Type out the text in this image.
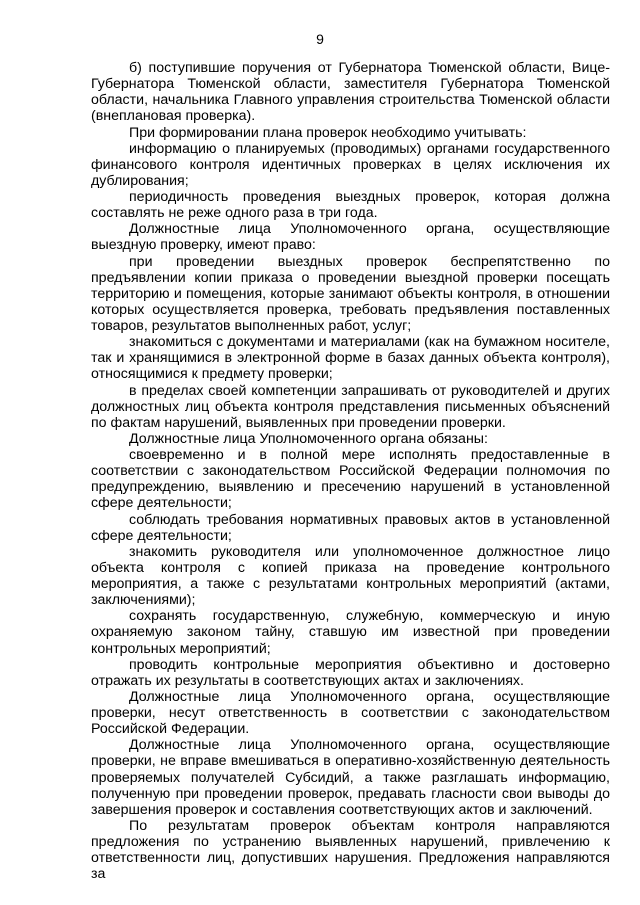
9

б) поступившие поручения от Губернатора Тюменской области, Вице-Губернатора Тюменской области, заместителя Губернатора Тюменской области, начальника Главного управления строительства Тюменской области (внеплановая проверка).

При формировании плана проверок необходимо учитывать:

информацию о планируемых (проводимых) органами государственного финансового контроля идентичных проверках в целях исключения их дублирования;

периодичность проведения выездных проверок, которая должна составлять не реже одного раза в три года.

Должностные лица Уполномоченного органа, осуществляющие выездную проверку, имеют право:

при проведении выездных проверок беспрепятственно по предъявлении копии приказа о проведении выездной проверки посещать территорию и помещения, которые занимают объекты контроля, в отношении которых осуществляется проверка, требовать предъявления поставленных товаров, результатов выполненных работ, услуг;

знакомиться с документами и материалами (как на бумажном носителе, так и хранящимися в электронной форме в базах данных объекта контроля), относящимися к предмету проверки;

в пределах своей компетенции запрашивать от руководителей и других должностных лиц объекта контроля представления письменных объяснений по фактам нарушений, выявленных при проведении проверки.

Должностные лица Уполномоченного органа обязаны:

своевременно и в полной мере исполнять предоставленные в соответствии с законодательством Российской Федерации полномочия по предупреждению, выявлению и пресечению нарушений в установленной сфере деятельности;

соблюдать требования нормативных правовых актов в установленной сфере деятельности;

знакомить руководителя или уполномоченное должностное лицо объекта контроля с копией приказа на проведение контрольного мероприятия, а также с результатами контрольных мероприятий (актами, заключениями);

сохранять государственную, служебную, коммерческую и иную охраняемую законом тайну, ставшую им известной при проведении контрольных мероприятий;

проводить контрольные мероприятия объективно и достоверно отражать их результаты в соответствующих актах и заключениях.

Должностные лица Уполномоченного органа, осуществляющие проверки, несут ответственность в соответствии с законодательством Российской Федерации.

Должностные лица Уполномоченного органа, осуществляющие проверки, не вправе вмешиваться в оперативно-хозяйственную деятельность проверяемых получателей Субсидий, а также разглашать информацию, полученную при проведении проверок, предавать гласности свои выводы до завершения проверок и составления соответствующих актов и заключений.

По результатам проверок объектам контроля направляются предложения по устранению выявленных нарушений, привлечению к ответственности лиц, допустивших нарушения. Предложения направляются за
